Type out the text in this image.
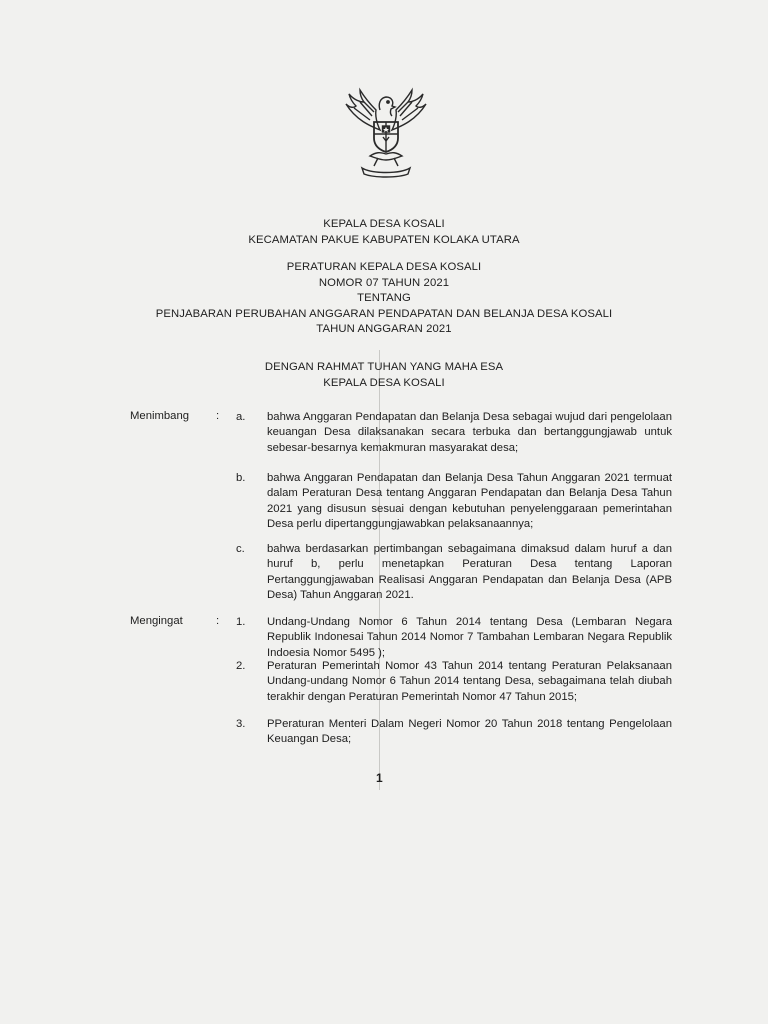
KEPALA DESA KOSALI
KECAMATAN PAKUE KABUPATEN KOLAKA UTARA
PERATURAN KEPALA DESA KOSALI
NOMOR 07 TAHUN 2021
TENTANG
PENJABARAN PERUBAHAN ANGGARAN PENDAPATAN DAN BELANJA DESA KOSALI
TAHUN ANGGARAN 2021
DENGAN RAHMAT TUHAN YANG MAHA ESA
KEPALA DESA KOSALI
Menimbang : a.	bahwa Anggaran Pendapatan dan Belanja Desa sebagai wujud dari pengelolaan keuangan Desa dilaksanakan secara terbuka dan bertanggungjawab untuk sebesar-besarnya kemakmuran masyarakat desa;
b.	bahwa Anggaran Pendapatan dan Belanja Desa Tahun Anggaran 2021 termuat dalam Peraturan Desa tentang Anggaran Pendapatan dan Belanja Desa Tahun 2021 yang disusun sesuai dengan kebutuhan penyelenggaraan pemerintahan Desa perlu dipertanggungjawabkan pelaksanaannya;
c.	bahwa berdasarkan pertimbangan sebagaimana dimaksud dalam huruf a dan huruf b, perlu menetapkan Peraturan Desa tentang Laporan Pertanggungjawaban Realisasi Anggaran Pendapatan dan Belanja Desa (APB Desa) Tahun Anggaran 2021.
Mengingat	: 1.	Undang-Undang Nomor 6 Tahun 2014 tentang Desa (Lembaran Negara Republik Indonesai Tahun 2014 Nomor 7 Tambahan Lembaran Negara Republik Indoesia Nomor 5495 );
2.	Peraturan Pemerintah Nomor 43 Tahun 2014 tentang Peraturan Pelaksanaan Undang-undang Nomor 6 Tahun 2014 tentang Desa, sebagaimana telah diubah terakhir dengan Peraturan Pemerintah Nomor 47 Tahun 2015;
3.	PPeraturan Menteri Dalam Negeri Nomor 20 Tahun 2018 tentang Pengelolaan Keuangan Desa;
1
